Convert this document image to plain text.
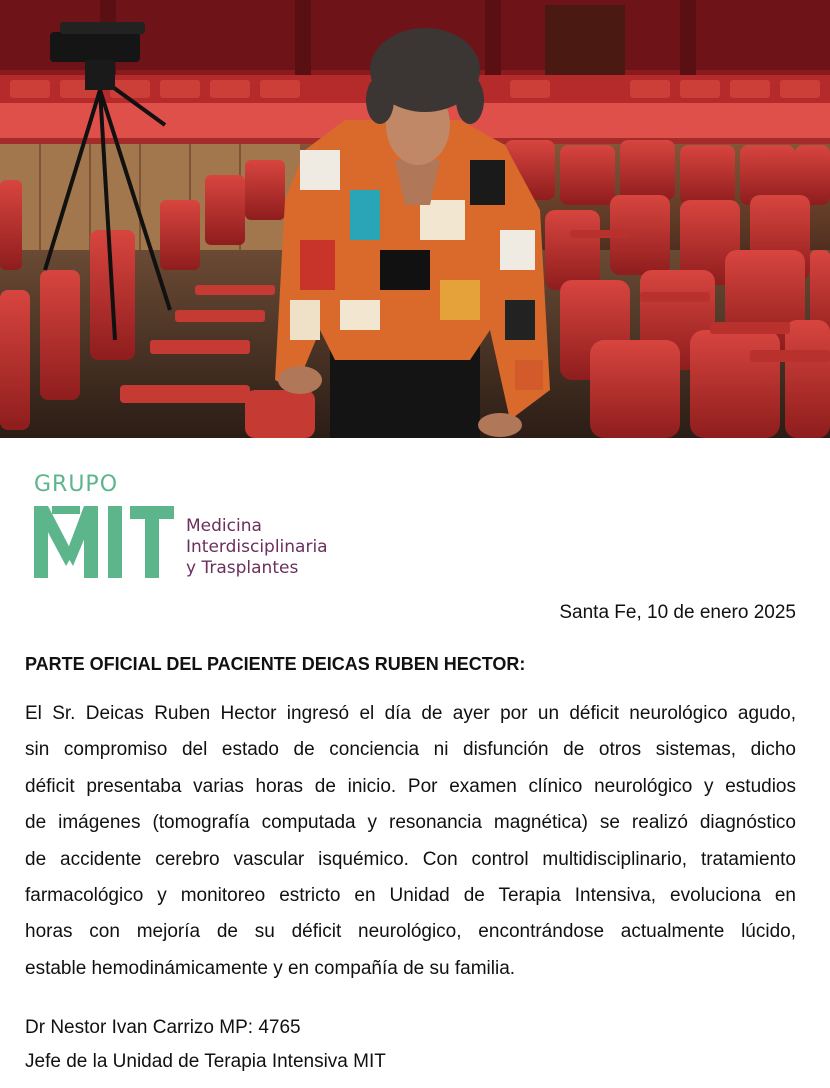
GRUPO
Medicina
Interdisciplinaria
y Trasplantes
Santa Fe, 10 de enero 2025
PARTE OFICIAL DEL PACIENTE DEICAS RUBEN HECTOR:
El Sr. Deicas Ruben Hector ingresó el día de ayer por un déficit neurológico agudo,
sin compromiso del estado de conciencia ni disfunción de otros sistemas, dicho
déficit presentaba varias horas de inicio. Por examen clínico neurológico y estudios
de imágenes (tomografía computada y resonancia magnética) se realizó diagnóstico
de accidente cerebro vascular isquémico. Con control multidisciplinario, tratamiento
farmacológico y monitoreo estricto en Unidad de Terapia Intensiva, evoluciona en
horas con mejoría de su déficit neurológico, encontrándose actualmente lúcido,
estable hemodinámicamente y en compañía de su familia.
Dr Nestor Ivan Carrizo MP: 4765
Jefe de la Unidad de Terapia Intensiva MIT
